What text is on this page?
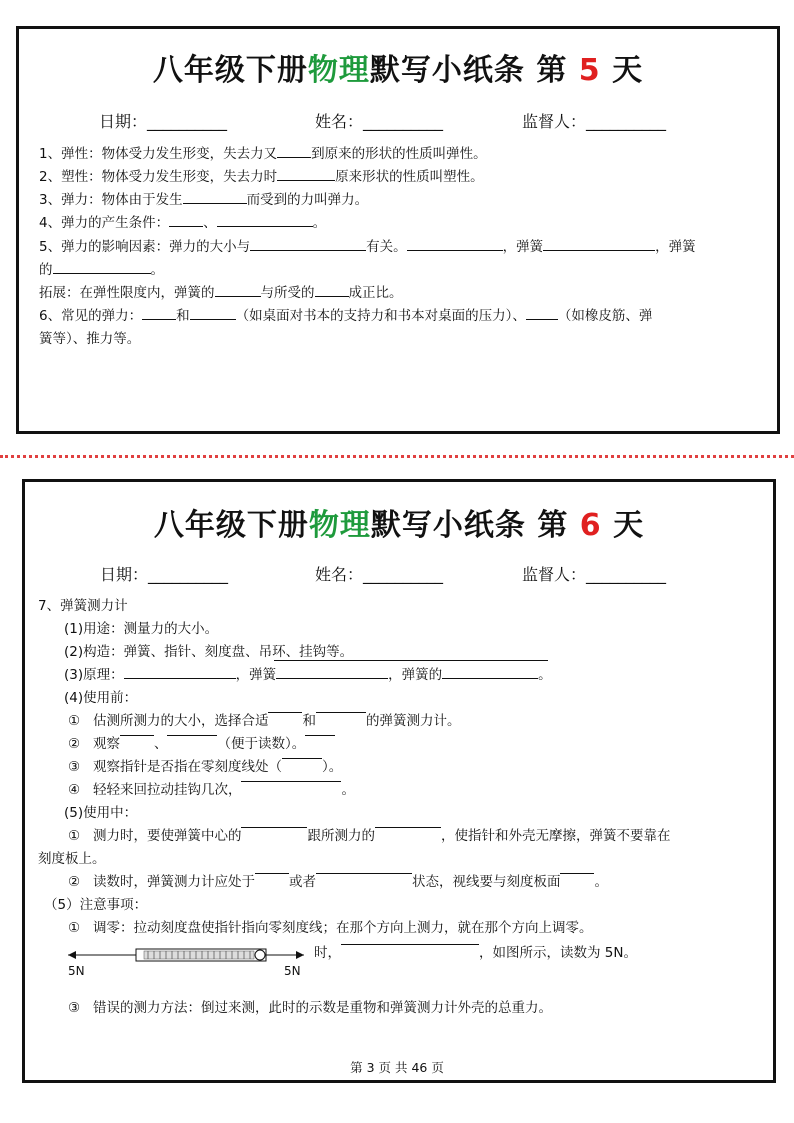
八年级下册物理默写小纸条 第 5 天
日期：__________	姓名：__________	监督人：__________
1、弹性：物体受力发生形变，失去力又	到原来的形状的性质叫弹性。
2、塑性：物体受力发生形变，失去力时	原来形状的性质叫塑性。
3、弹力：物体由于发生	而受到的力叫弹力。
4、弹力的产生条件：	、	。
5、弹力的影响因素：弹力的大小与	有关。	，弹簧	，弹簧
的	。
拓展：在弹性限度内，弹簧的	与所受的	成正比。
6、常见的弹力：	和	（如桌面对书本的支持力和书本对桌面的压力）、 （如橡皮筋、弹
簧等）、推力等。
八年级下册物理默写小纸条 第 6 天
日期：__________	姓名：__________	监督人：__________
7、弹簧测力计
(1)用途：测量力的大小。
(2)构造：弹簧、指针、刻度盘、吊环、挂钩等。
(3)原理：	，弹簧	，弹簧的	。
(4)使用前：
①   估测所测力的大小，选择合适	和	的弹簧测力计。
②   观察	、	（便于读数）。
③   观察指针是否指在零刻度线处（	）。
④   轻轻来回拉动挂钩几次，	。
(5)使用中：
①   测力时，要使弹簧中心的	跟所测力的	，使指针和外壳无摩擦，弹簧不要靠在
刻度板上。
②   读数时，弹簧测力计应处于	或者	状态，视线要与刻度板面	。
（5）注意事项：
①   调零：拉动刻度盘使指针指向零刻度线；在那个方向上测力，就在那个方向上调零。
5N	5N
时，	，如图所示，读数为 5N。
③   错误的测力方法：倒过来测，此时的示数是重物和弹簧测力计外壳的总重力。
第 3 页 共 46 页
